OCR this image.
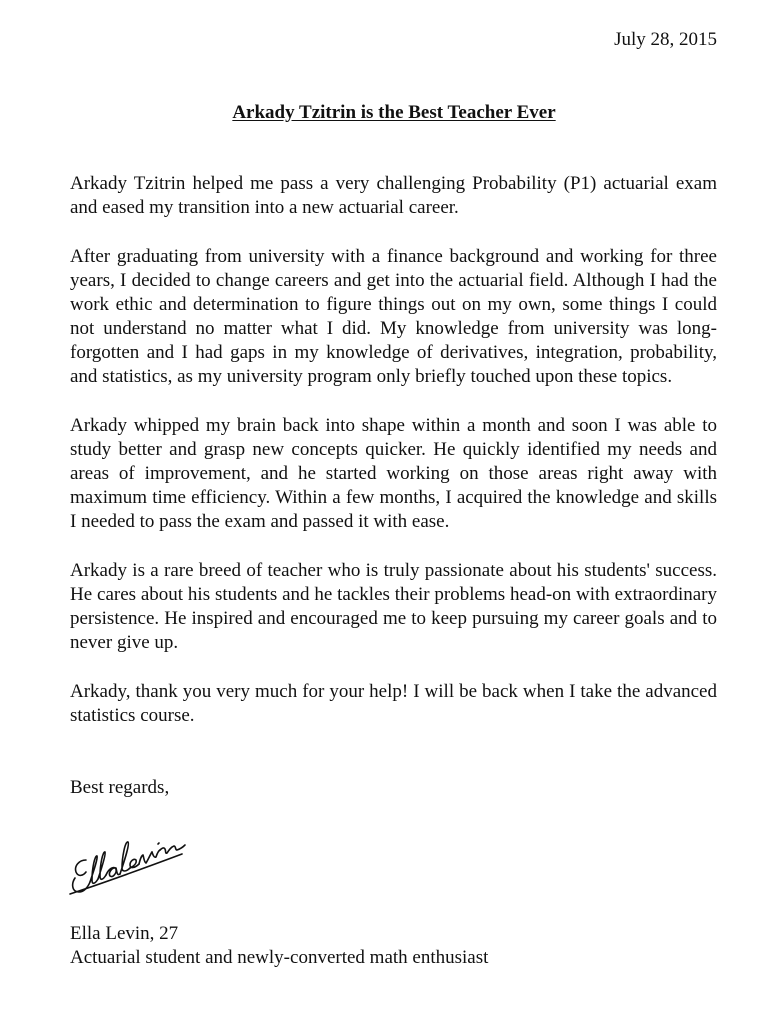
July 28, 2015
Arkady Tzitrin is the Best Teacher Ever

Arkady Tzitrin helped me pass a very challenging Probability (P1) actuarial exam and eased my transition into a new actuarial career.

After graduating from university with a finance background and working for three years, I decided to change careers and get into the actuarial field. Although I had the work ethic and determination to figure things out on my own, some things I could not understand no matter what I did. My knowledge from university was long-forgotten and I had gaps in my knowledge of derivatives, integration, probability, and statistics, as my university program only briefly touched upon these topics.

Arkady whipped my brain back into shape within a month and soon I was able to study better and grasp new concepts quicker. He quickly identified my needs and areas of improvement, and he started working on those areas right away with maximum time efficiency. Within a few months, I acquired the knowledge and skills I needed to pass the exam and passed it with ease.

Arkady is a rare breed of teacher who is truly passionate about his students' success. He cares about his students and he tackles their problems head-on with extraordinary persistence. He inspired and encouraged me to keep pursuing my career goals and to never give up.

Arkady, thank you very much for your help! I will be back when I take the advanced statistics course.

Best regards,
Ella Levin, 27
Actuarial student and newly-converted math enthusiast
